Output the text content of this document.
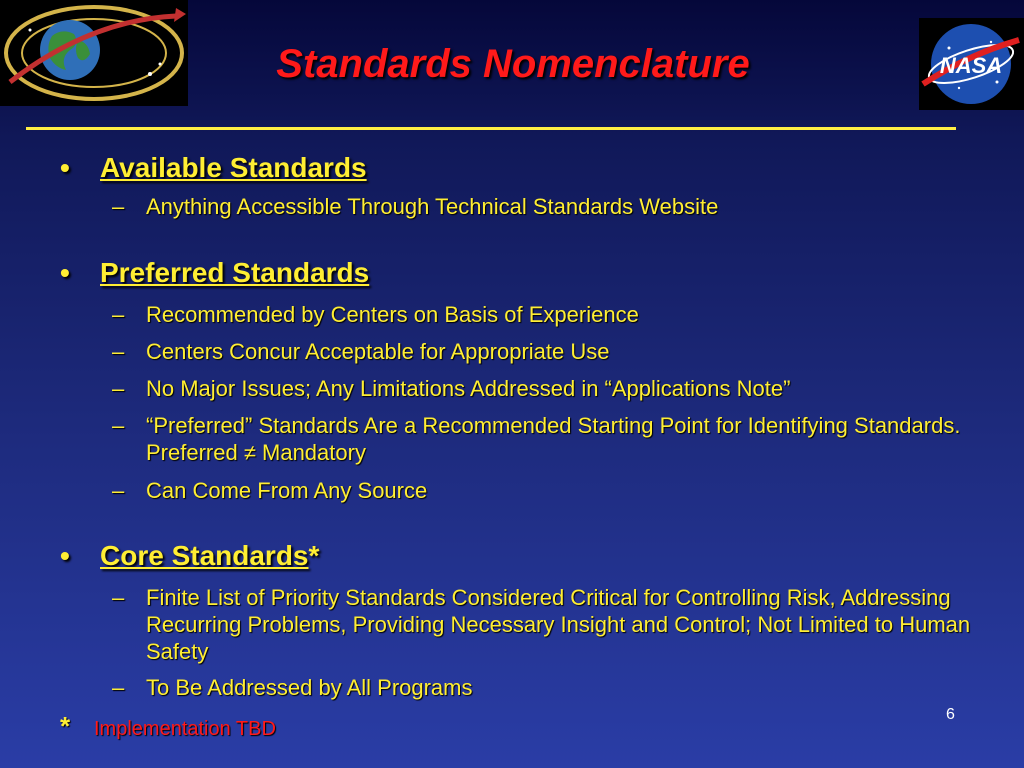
NASA
Standards Nomenclature
• Available Standards
– Anything Accessible Through Technical Standards Website
• Preferred Standards
– Recommended by Centers on Basis of Experience
– Centers Concur Acceptable for Appropriate Use
– No Major Issues; Any Limitations Addressed in “Applications Note”
– “Preferred” Standards Are a Recommended Starting Point for Identifying Standards. Preferred ≠ Mandatory
– Can Come From Any Source
• Core Standards*
– Finite List of Priority Standards Considered Critical for Controlling Risk, Addressing Recurring Problems, Providing Necessary Insight and Control; Not Limited to Human Safety
– To Be Addressed by All Programs
* Implementation TBD
6
